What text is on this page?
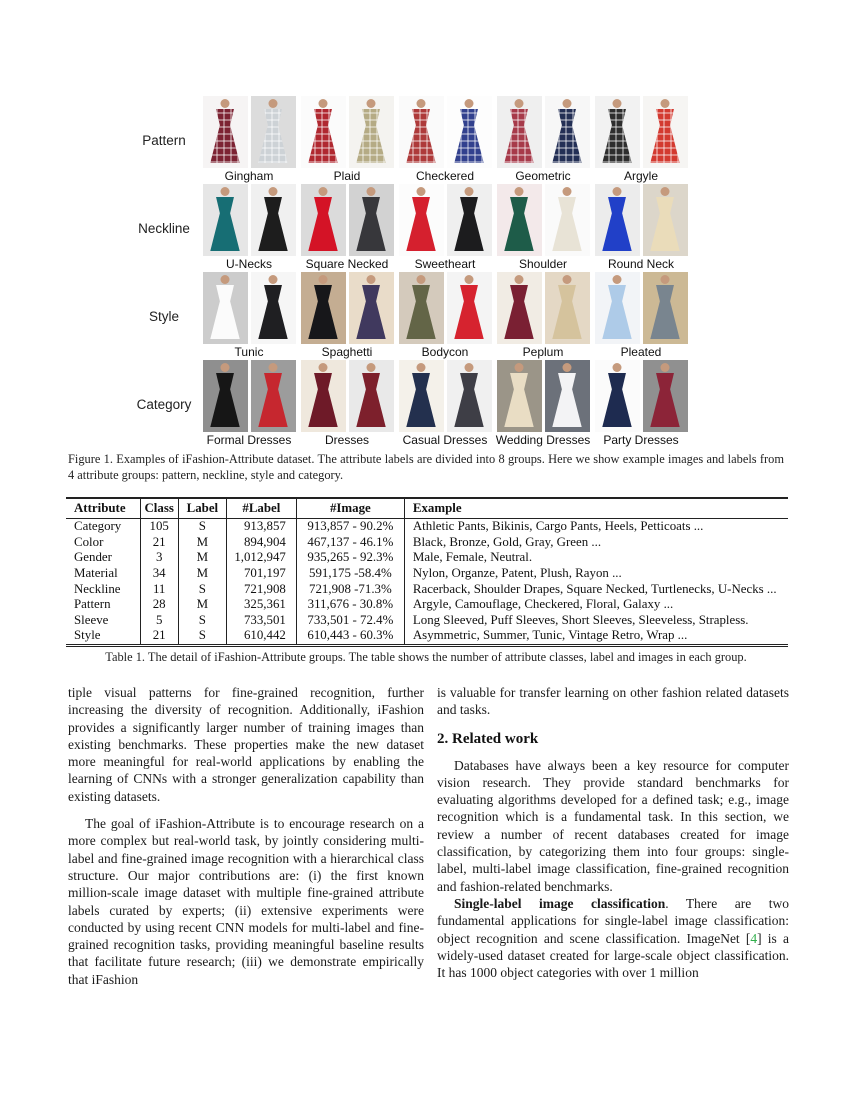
Pattern
Gingham	Plaid	Checkered	Geometric	Argyle
Neckline
U-Necks	Square Necked Sweetheart	Shoulder	Round Neck
Style
Tunic	Spaghetti	Bodycon	Peplum	Pleated
Category
Formal Dresses	Dresses	Casual Dresses Wedding Dresses Party Dresses
Figure 1. Examples of iFashion-Attribute dataset. The attribute labels are divided into 8 groups. Here we show example images and labels from 4 attribute groups: pattern, neckline, style and category.
Attribute	Class	Label	#Label	#Image	Example
Category	105	S	913,857	913,857 - 90.2%	Athletic Pants, Bikinis, Cargo Pants, Heels, Petticoats ...
Color	21	M	894,904	467,137 - 46.1%	Black, Bronze, Gold, Gray, Green ...
Gender	3	M	1,012,947	935,265 - 92.3%	Male, Female, Neutral.
Material	34	M	701,197	591,175 -58.4%	Nylon, Organze, Patent, Plush, Rayon ...
Neckline	11	S	721,908	721,908 -71.3%	Racerback, Shoulder Drapes, Square Necked, Turtlenecks, U-Necks ...
Pattern	28	M	325,361	311,676 - 30.8%	Argyle, Camouflage, Checkered, Floral, Galaxy ...
Sleeve	5	S	733,501	733,501 - 72.4%	Long Sleeved, Puff Sleeves, Short Sleeves, Sleeveless, Strapless.
Style	21	S	610,442	610,443 - 60.3%	Asymmetric, Summer, Tunic, Vintage Retro, Wrap ...
Table 1. The detail of iFashion-Attribute groups. The table shows the number of attribute classes, label and images in each group.

tiple visual patterns for fine-grained recognition, further increasing the diversity of recognition. Additionally, iFashion provides a significantly larger number of training images than existing benchmarks. These properties make the new dataset more meaningful for real-world applications by enabling the learning of CNNs with a stronger generalization capability than existing datasets.

The goal of iFashion-Attribute is to encourage research on a more complex but real-world task, by jointly considering multi-label and fine-grained image recognition with a hierarchical class structure. Our major contributions are: (i) the first known million-scale image dataset with multiple fine-grained attribute labels curated by experts; (ii) extensive experiments were conducted by using recent CNN models for multi-label and fine-grained recognition tasks, providing meaningful baseline results that facilitate future research; (iii) we demonstrate empirically that iFashion

is valuable for transfer learning on other fashion related datasets and tasks.

2. Related work

Databases have always been a key resource for computer vision research. They provide standard benchmarks for evaluating algorithms developed for a defined task; e.g., image recognition which is a fundamental task. In this section, we review a number of recent databases created for image classification, by categorizing them into four groups: single-label, multi-label image classification, fine-grained recognition and fashion-related benchmarks.

Single-label image classification. There are two fundamental applications for single-label image classification: object recognition and scene classification. ImageNet [4] is a widely-used dataset created for large-scale object classification. It has 1000 object categories with over 1 million
